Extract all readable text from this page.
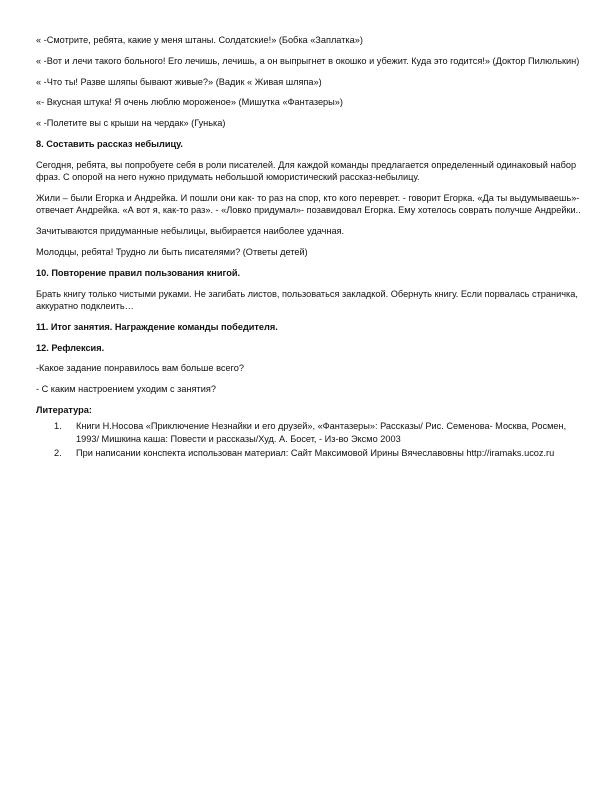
« -Смотрите, ребята, какие у меня штаны. Солдатские!» (Бобка «Заплатка»)

« -Вот и лечи такого больного! Его лечишь, лечишь, а он выпрыгнет в окошко и убежит. Куда это годится!» (Доктор Пилюлькин)

« -Что ты! Разве шляпы бывают живые?» (Вадик « Живая шляпа»)

«- Вкусная штука! Я очень люблю мороженое» (Мишутка «Фантазеры»)

« -Полетите вы с крыши на чердак» (Гунька)

8. Составить рассказ небылицу.

Сегодня, ребята, вы попробуете себя в роли писателей. Для каждой команды предлагается определенный одинаковый набор фраз. С опорой на него нужно придумать небольшой юмористический рассказ-небылицу.

Жили – были Егорка и Андрейка. И пошли они как- то раз на спор, кто кого переврет. - говорит Егорка. «Да ты выдумываешь»- отвечает Андрейка. «А вот я, как-то раз». - «Ловко придумал»- позавидовал Егорка. Ему хотелось соврать получше Андрейки..

Зачитываются придуманные небылицы, выбирается наиболее удачная.

Молодцы, ребята! Трудно ли быть писателями? (Ответы детей)

10. Повторение правил пользования книгой.

Брать книгу только чистыми руками. Не загибать листов, пользоваться закладкой. Обернуть книгу. Если порвалась страничка, аккуратно подклеить…

11. Итог занятия. Награждение команды победителя.

12. Рефлексия.

-Какое задание понравилось вам больше всего?

- С каким настроением уходим с занятия?

Литература:

1. Книги Н.Носова «Приключение Незнайки и его друзей», «Фантазеры»: Рассказы/ Рис. Семенова- Москва, Росмен, 1993/ Мишкина каша: Повести и рассказы/Худ. А. Босет, - Из-во Эксмо 2003
2. При написании конспекта использован материал: Сайт Максимовой Ирины Вячеславовны http://iramaks.ucoz.ru
